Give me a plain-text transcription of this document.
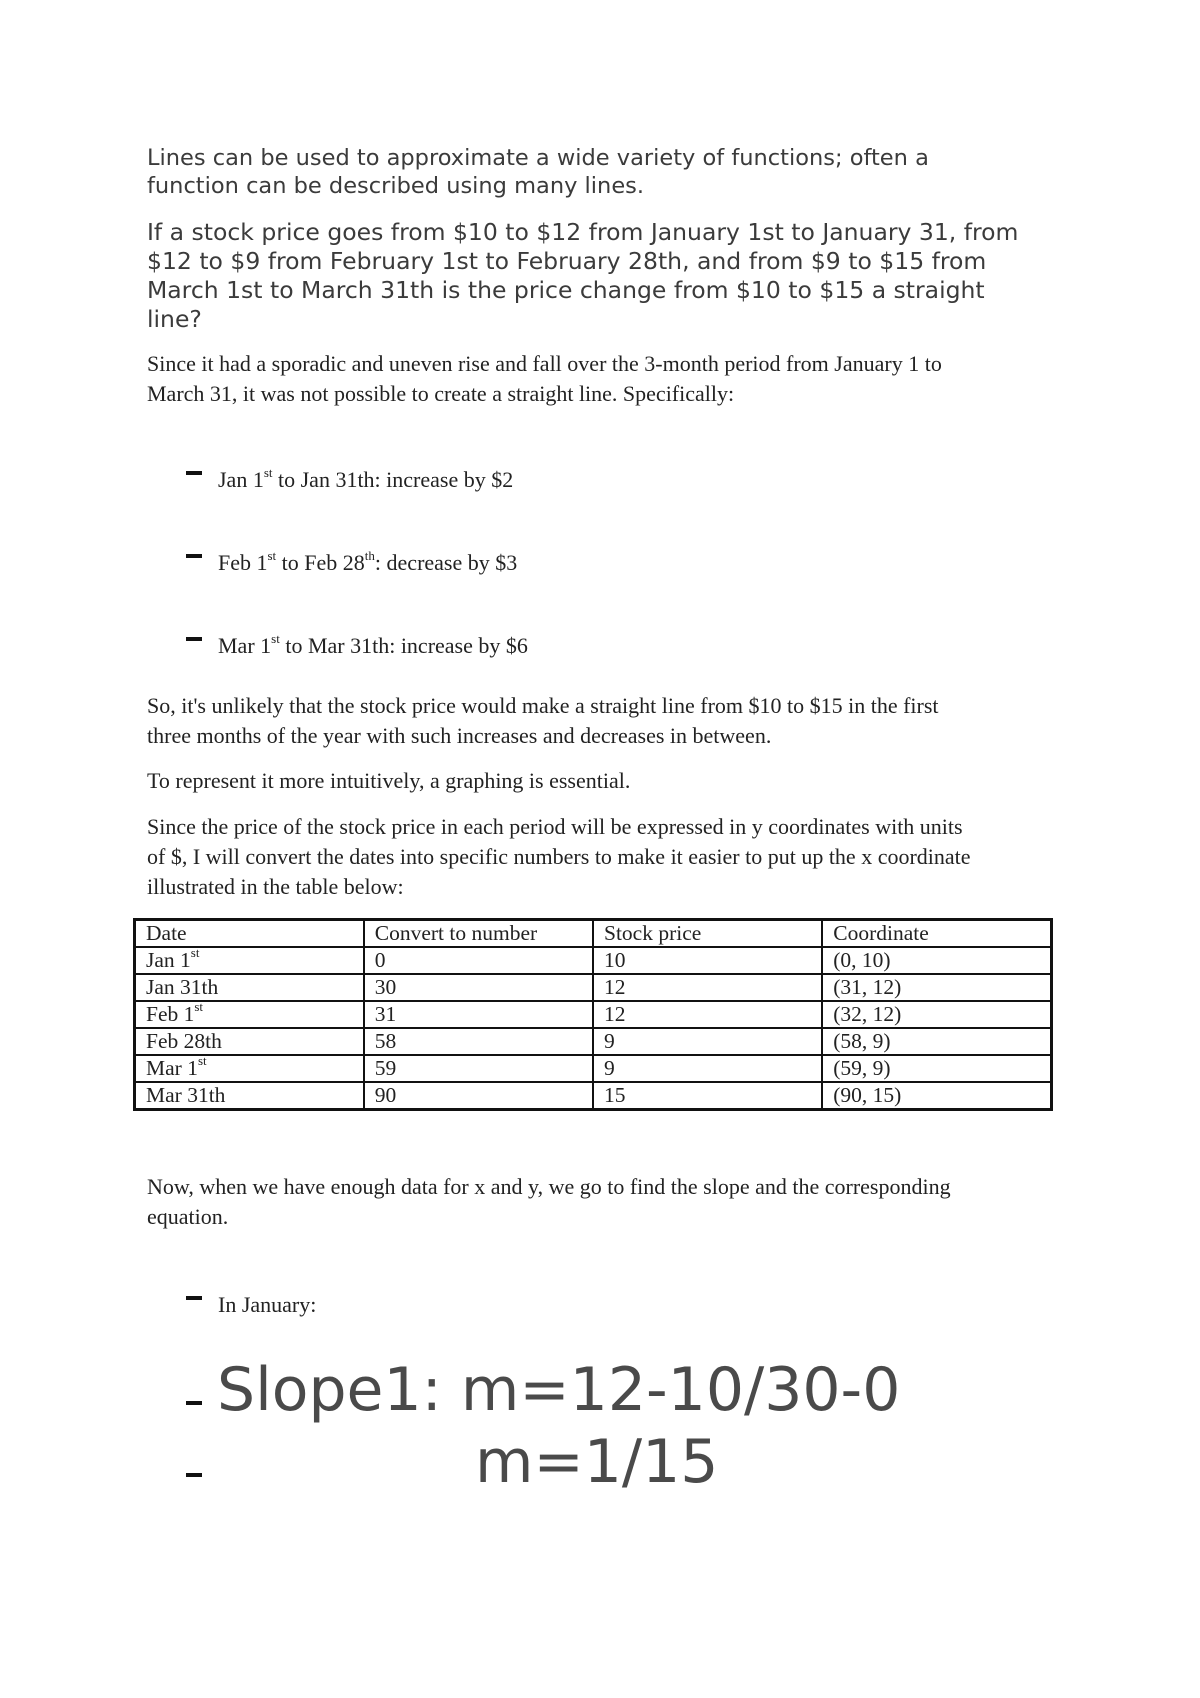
Lines can be used to approximate a wide variety of functions; often a
function can be described using many lines.

If a stock price goes from $10 to $12 from January 1st to January 31, from
$12 to $9 from February 1st to February 28th, and from $9 to $15 from
March 1st to March 31th is the price change from $10 to $15 a straight
line?

Since it had a sporadic and uneven rise and fall over the 3-month period from January 1 to
March 31, it was not possible to create a straight line. Specifically:

Jan 1st to Jan 31th: increase by $2
Feb 1st to Feb 28th: decrease by $3
Mar 1st to Mar 31th: increase by $6

So, it's unlikely that the stock price would make a straight line from $10 to $15 in the first
three months of the year with such increases and decreases in between.

To represent it more intuitively, a graphing is essential.

Since the price of the stock price in each period will be expressed in y coordinates with units
of $, I will convert the dates into specific numbers to make it easier to put up the x coordinate
illustrated in the table below:

Date	Convert to number	Stock price	Coordinate
Jan 1st	0	10	(0, 10)
Jan 31th	30	12	(31, 12)
Feb 1st	31	12	(32, 12)
Feb 28th	58	9	(58, 9)
Mar 1st	59	9	(59, 9)
Mar 31th	90	15	(90, 15)

Now, when we have enough data for x and y, we go to find the slope and the corresponding
equation.

In January:
Slope1: m=12-10/30-0
m=1/15
